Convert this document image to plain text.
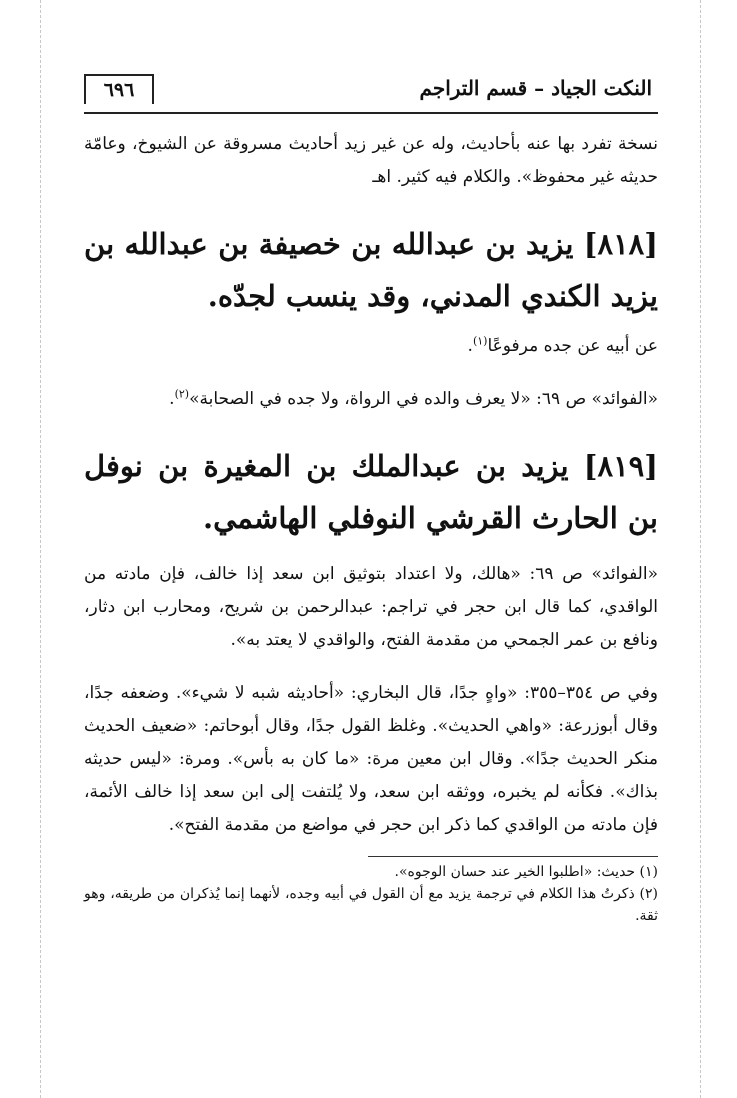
٦٩٦	النكت الجياد – قسم التراجم

نسخة تفرد بها عنه بأحاديث، وله عن غير زيد أحاديث مسروقة عن الشيوخ، وعامّة حديثه غير محفوظ». والكلام فيه كثير. اهـ

[٨١٨] يزيد بن عبدالله بن خصيفة بن عبدالله بن يزيد الكندي المدني، وقد ينسب لجدّه.

عن أبيه عن جده مرفوعًا$^{(١)}$.

«الفوائد» ص ٦٩: «لا يعرف والده في الرواة، ولا جده في الصحابة»$^{(٢)}$.

[٨١٩] يزيد بن عبدالملك بن المغيرة بن نوفل بن الحارث القرشي النوفلي الهاشمي.

«الفوائد» ص ٦٩: «هالك، ولا اعتداد بتوثيق ابن سعد إذا خالف، فإن مادته من الواقدي، كما قال ابن حجر في تراجم: عبدالرحمن بن شريح، ومحارب ابن دثار، ونافع بن عمر الجمحي من مقدمة الفتح، والواقدي لا يعتد به».

وفي ص ٣٥٤–٣٥٥: «واهٍ جدًا، قال البخاري: «أحاديثه شبه لا شيء». وضعفه جدًا، وقال أبوزرعة: «واهي الحديث». وغلظ القول جدًا، وقال أبوحاتم: «ضعيف الحديث منكر الحديث جدًا». وقال ابن معين مرة: «ما كان به بأس». ومرة: «ليس حديثه بذاك». فكأنه لم يخبره، ووثقه ابن سعد، ولا يُلتفت إلى ابن سعد إذا خالف الأئمة، فإن مادته من الواقدي كما ذكر ابن حجر في مواضع من مقدمة الفتح».

(١) حديث: «اطلبوا الخير عند حسان الوجوه».

(٢) ذكرتُ هذا الكلام في ترجمة يزيد مع أن القول في أبيه وجده، لأنهما إنما يُذكران من طريقه، وهو ثقة.
